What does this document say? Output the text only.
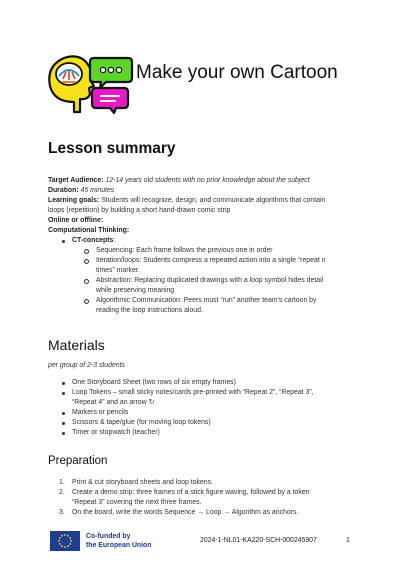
Make your own Cartoon
Lesson summary
Target Audience: 12-14 years old students with no prior knowledge about the subject
Duration: 45 minutes
Learning goals: Students will recognize, design, and communicate algorithms that contain
loops (repetition) by building a short hand-drawn comic strip
Online or offline:
Computational Thinking:
CT-concepts:
Sequencing: Each frame follows the previous one in order
Iteration/loops: Students compress a repeated action into a single “repeat n
times” marker.
Abstraction: Replacing duplicated drawings with a loop symbol hides detail
while preserving meaning
Algorithmic Communication: Peers must “run” another team’s cartoon by
reading the loop instructions aloud.
Materials
per group of 2-3 students
One Storyboard Sheet (two rows of six empty frames)
Loop Tokens – small sticky notes/cards pre-printed with “Repeat 2”, “Repeat 3”,
“Repeat 4” and an arrow ↻
Markers or pencils
Scissors & tape/glue (for moving loop tokens)
Timer or stopwatch (teacher)
Preparation
1. Print & cut storyboard sheets and loop tokens.
2. Create a demo strip: three frames of a stick figure waving, followed by a token
“Repeat 3” covering the next three frames.
3. On the board, write the words Sequence → Loop → Algorithm as anchors.
Co-funded by
the European Union
2024-1-NL01-KA220-SCH-000245907	1
